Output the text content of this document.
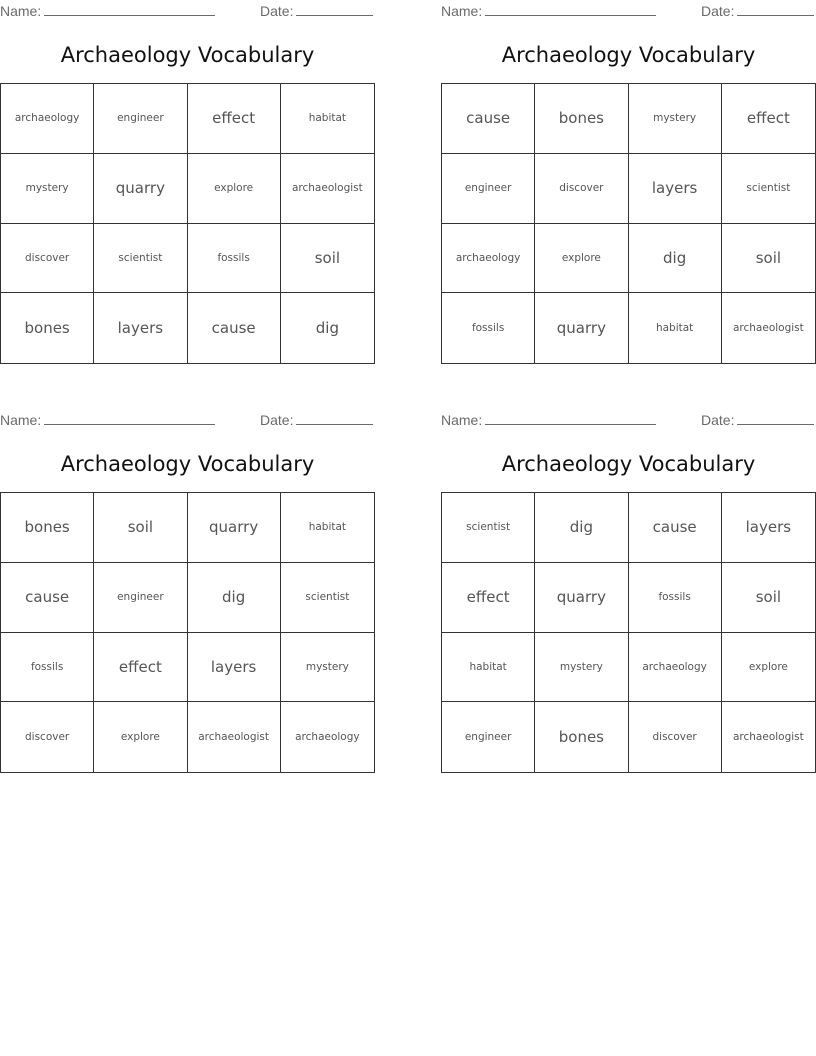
Name:	Date:
Archaeology Vocabulary
archaeology	engineer	effect	habitat
mystery	quarry	explore	archaeologist
discover	scientist	fossils	soil
bones	layers	cause	dig
Name:	Date:
Archaeology Vocabulary
cause	bones	mystery	effect
engineer	discover	layers	scientist
archaeology	explore	dig	soil
fossils	quarry	habitat	archaeologist
Name:	Date:
Archaeology Vocabulary
bones	soil	quarry	habitat
cause	engineer	dig	scientist
fossils	effect	layers	mystery
discover	explore	archaeologist	archaeology
Name:	Date:
Archaeology Vocabulary
scientist	dig	cause	layers
effect	quarry	fossils	soil
habitat	mystery	archaeology	explore
engineer	bones	discover	archaeologist
